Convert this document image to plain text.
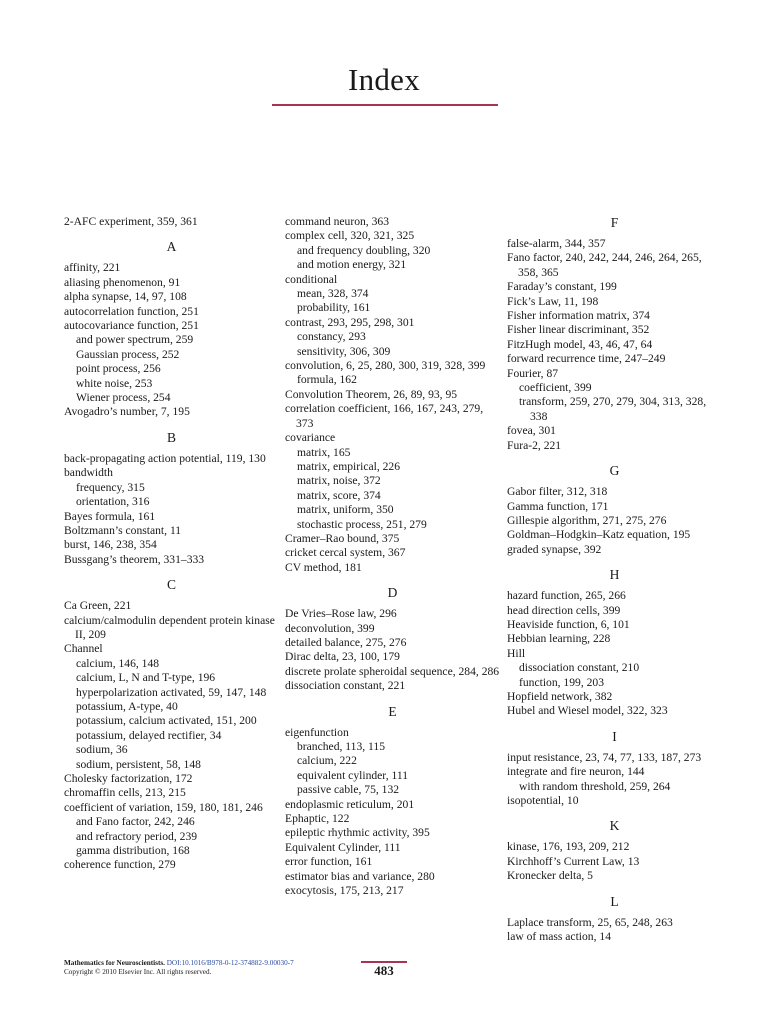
Index
2-AFC experiment, 359, 361
A
affinity, 221
aliasing phenomenon, 91
alpha synapse, 14, 97, 108
autocorrelation function, 251
autocovariance function, 251
and power spectrum, 259
Gaussian process, 252
point process, 256
white noise, 253
Wiener process, 254
Avogadro’s number, 7, 195
B
back-propagating action potential, 119, 130
bandwidth
frequency, 315
orientation, 316
Bayes formula, 161
Boltzmann’s constant, 11
burst, 146, 238, 354
Bussgang’s theorem, 331–333
C
Ca Green, 221
calcium/calmodulin dependent protein kinase II, 209
Channel
calcium, 146, 148
calcium, L, N and T-type, 196
hyperpolarization activated, 59, 147, 148
potassium, A-type, 40
potassium, calcium activated, 151, 200
potassium, delayed rectifier, 34
sodium, 36
sodium, persistent, 58, 148
Cholesky factorization, 172
chromaffin cells, 213, 215
coefficient of variation, 159, 180, 181, 246
and Fano factor, 242, 246
and refractory period, 239
gamma distribution, 168
coherence function, 279
command neuron, 363
complex cell, 320, 321, 325
and frequency doubling, 320
and motion energy, 321
conditional
mean, 328, 374
probability, 161
contrast, 293, 295, 298, 301
constancy, 293
sensitivity, 306, 309
convolution, 6, 25, 280, 300, 319, 328, 399
formula, 162
Convolution Theorem, 26, 89, 93, 95
correlation coefficient, 166, 167, 243, 279, 373
covariance
matrix, 165
matrix, empirical, 226
matrix, noise, 372
matrix, score, 374
matrix, uniform, 350
stochastic process, 251, 279
Cramer–Rao bound, 375
cricket cercal system, 367
CV method, 181
D
De Vries–Rose law, 296
deconvolution, 399
detailed balance, 275, 276
Dirac delta, 23, 100, 179
discrete prolate spheroidal sequence, 284, 286
dissociation constant, 221
E
eigenfunction
branched, 113, 115
calcium, 222
equivalent cylinder, 111
passive cable, 75, 132
endoplasmic reticulum, 201
Ephaptic, 122
epileptic rhythmic activity, 395
Equivalent Cylinder, 111
error function, 161
estimator bias and variance, 280
exocytosis, 175, 213, 217
F
false-alarm, 344, 357
Fano factor, 240, 242, 244, 246, 264, 265, 358, 365
Faraday’s constant, 199
Fick’s Law, 11, 198
Fisher information matrix, 374
Fisher linear discriminant, 352
FitzHugh model, 43, 46, 47, 64
forward recurrence time, 247–249
Fourier, 87
coefficient, 399
transform, 259, 270, 279, 304, 313, 328, 338
fovea, 301
Fura-2, 221
G
Gabor filter, 312, 318
Gamma function, 171
Gillespie algorithm, 271, 275, 276
Goldman–Hodgkin–Katz equation, 195
graded synapse, 392
H
hazard function, 265, 266
head direction cells, 399
Heaviside function, 6, 101
Hebbian learning, 228
Hill
dissociation constant, 210
function, 199, 203
Hopfield network, 382
Hubel and Wiesel model, 322, 323
I
input resistance, 23, 74, 77, 133, 187, 273
integrate and fire neuron, 144
with random threshold, 259, 264
isopotential, 10
K
kinase, 176, 193, 209, 212
Kirchhoff’s Current Law, 13
Kronecker delta, 5
L
Laplace transform, 25, 65, 248, 263
law of mass action, 14
Mathematics for Neuroscientists. DOI:10.1016/B978-0-12-374882-9.00030-7
Copyright © 2010 Elsevier Inc. All rights reserved.	483
